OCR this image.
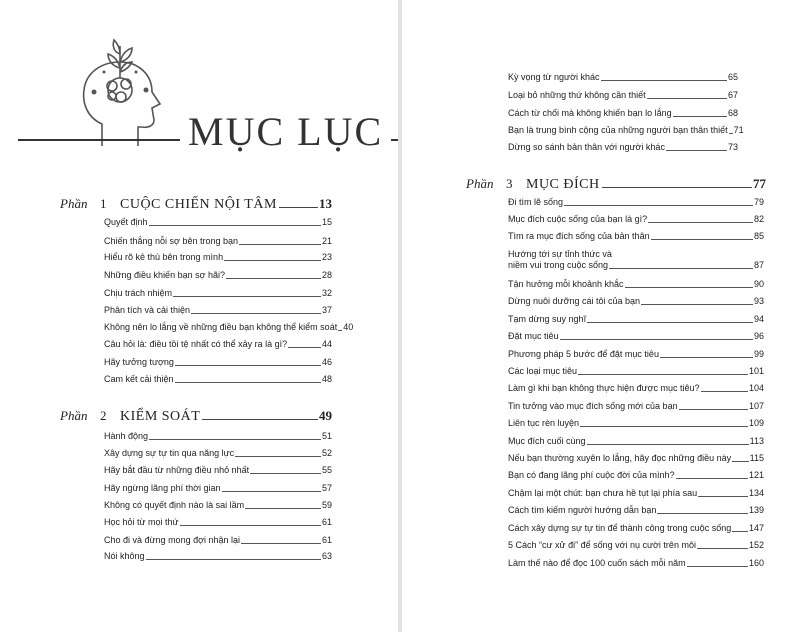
MỤC LỤC
Phần 1 CUỘC CHIẾN NỘI TÂM	13
Quyết định	15
Chiến thắng nỗi sợ bên trong bạn	21
Hiểu rõ kẻ thù bên trong mình	23
Những điều khiến bạn sợ hãi?	28
Chịu trách nhiệm	32
Phân tích và cải thiện	37
Không nên lo lắng về những điều bạn không thể kiểm soát 40
Câu hỏi là: điều tồi tệ nhất có thể xảy ra là gì?	44
Hãy tưởng tượng	46
Cam kết cải thiện	48
Phần 2 KIỂM SOÁT	49
Hành động	51
Xây dựng sự tự tin qua năng lực	52
Hãy bắt đầu từ những điều nhỏ nhất	55
Hãy ngừng lãng phí thời gian	57
Không có quyết định nào là sai lầm	59
Học hỏi từ mọi thứ	61
Cho đi và đừng mong đợi nhận lại	61
Nói không	63
Kỳ vọng từ người khác	65
Loại bỏ những thứ không cần thiết	67
Cách từ chối mà không khiến bạn lo lắng	68
Bạn là trung bình cộng của những người bạn thân thiết 71
Dừng so sánh bản thân với người khác	73
Phần 3 MỤC ĐÍCH	77
Đi tìm lẽ sống	79
Mục đích cuộc sống của bạn là gì?	82
Tìm ra mục đích sống của bản thân	85
Hướng tới sự tỉnh thức và
niềm vui trong cuộc sống	87
Tận hưởng mỗi khoảnh khắc	90
Dừng nuôi dưỡng cái tôi của bạn	93
Tạm dừng suy nghĩ	94
Đặt mục tiêu	96
Phương pháp 5 bước để đặt mục tiêu	99
Các loại mục tiêu	101
Làm gì khi bạn không thực hiện được mục tiêu?	104
Tin tưởng vào mục đích sống mới của bạn	107
Liên tục rèn luyện	109
Mục đích cuối cùng	113
Nếu bạn thường xuyên lo lắng, hãy đọc những điều này 115
Bạn có đang lãng phí cuộc đời của mình?	121
Chậm lại một chút: bạn chưa hề tụt lại phía sau	134
Cách tìm kiếm người hướng dẫn bạn	139
Cách xây dựng sự tự tin để thành công trong cuộc sống 147
5 Cách “cư xử đi” để sống với nụ cười trên môi	152
Làm thế nào để đọc 100 cuốn sách mỗi năm	160
